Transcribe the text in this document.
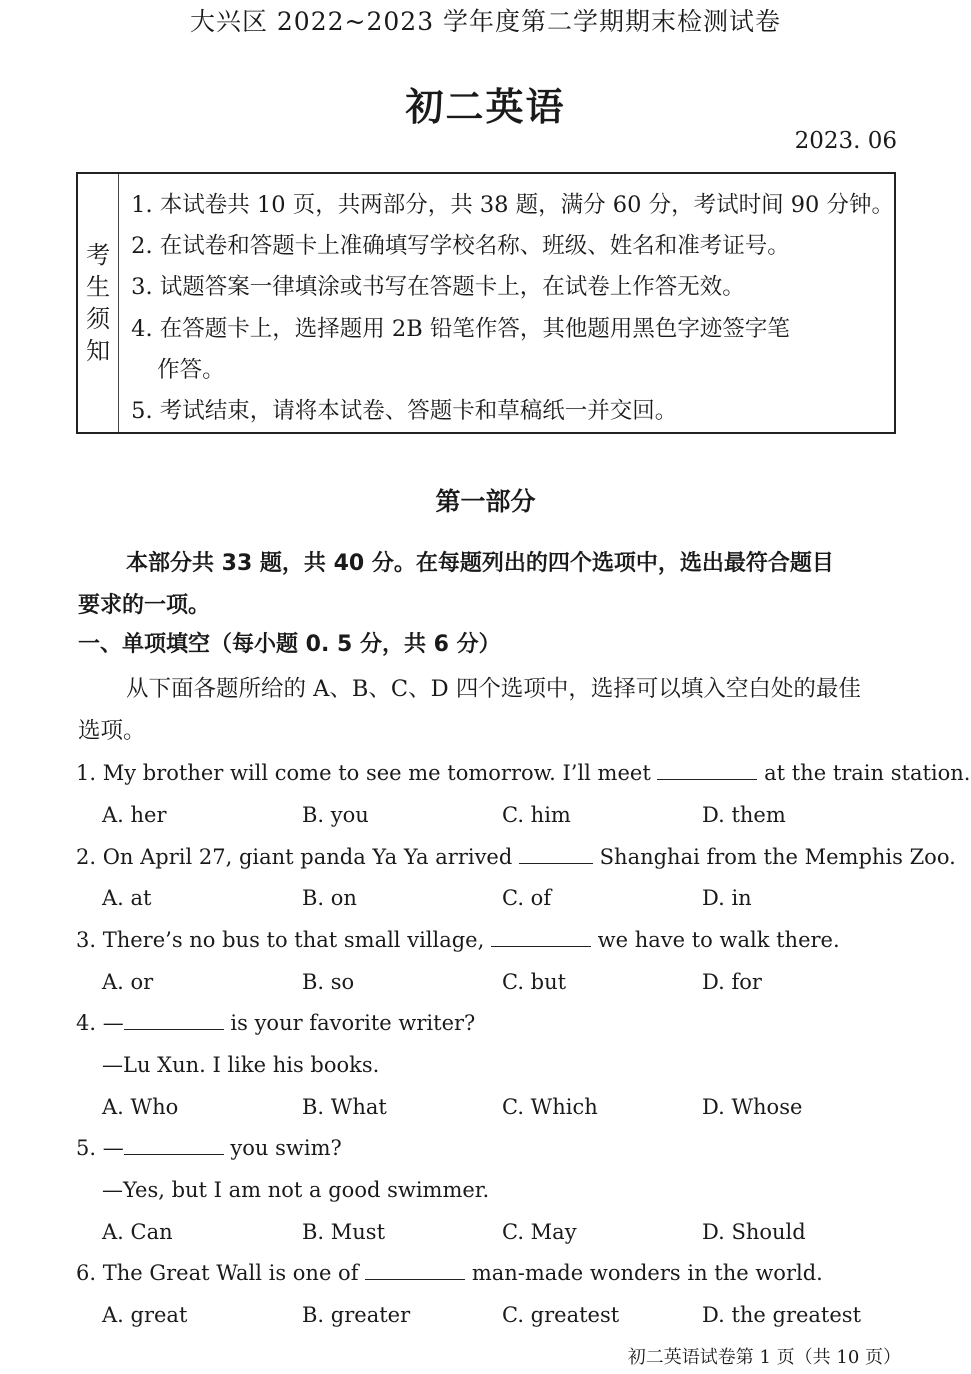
大兴区 2022~2023 学年度第二学期期末检测试卷
初二英语
2023. 06
考
生
须
知
1. 本试卷共 10 页，共两部分，共 38 题，满分 60 分，考试时间 90 分钟。
2. 在试卷和答题卡上准确填写学校名称、班级、姓名和准考证号。
3. 试题答案一律填涂或书写在答题卡上，在试卷上作答无效。
4. 在答题卡上，选择题用 2B 铅笔作答，其他题用黑色字迹签字笔
作答。
5. 考试结束，请将本试卷、答题卡和草稿纸一并交回。
第一部分
本部分共 33 题，共 40 分。在每题列出的四个选项中，选出最符合题目
要求的一项。
一、单项填空（每小题 0. 5 分，共 6 分）
从下面各题所给的 A、B、C、D 四个选项中，选择可以填入空白处的最佳
选项。
1. My brother will come to see me tomorrow. I’ll meet	at the train station.
A. her	B. you	C. him	D. them
2. On April 27, giant panda Ya Ya arrived	Shanghai from the Memphis Zoo.
A. at	B. on	C. of	D. in
3. There’s no bus to that small village,	we have to walk there.
A. or	B. so	C. but	D. for
4. —	is your favorite writer?
—Lu Xun. I like his books.
A. Who	B. What	C. Which	D. Whose
5. —	you swim?
—Yes, but I am not a good swimmer.
A. Can	B. Must	C. May	D. Should
6. The Great Wall is one of	man-made wonders in the world.
A. great	B. greater	C. greatest	D. the greatest
初二英语试卷第 1 页（共 10 页）
